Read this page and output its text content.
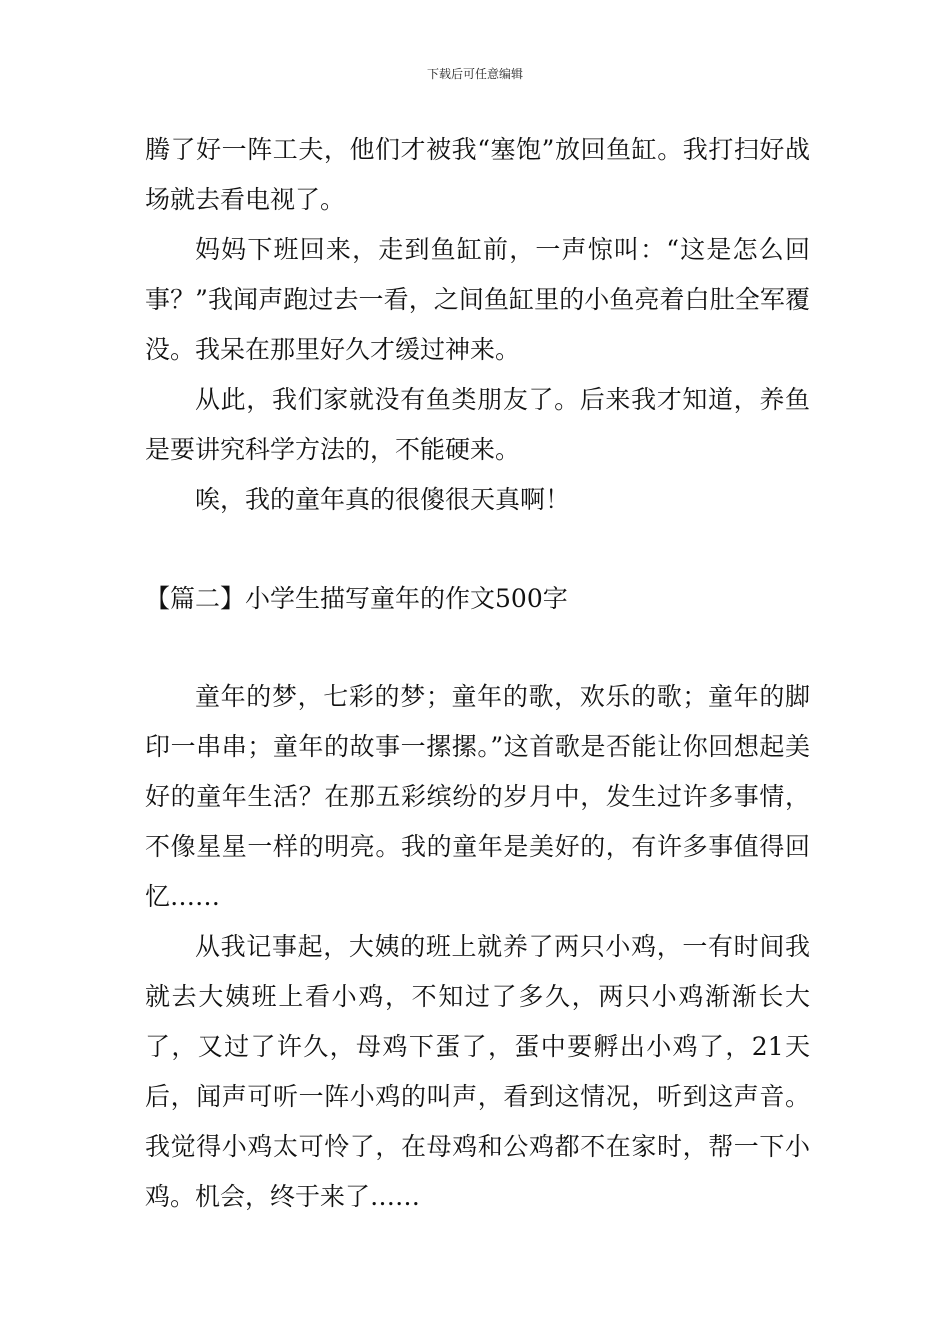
下载后可任意编辑

腾了好一阵工夫，他们才被我“塞饱”放回鱼缸。我打扫好战场就去看电视了。

妈妈下班回来，走到鱼缸前，一声惊叫：“这是怎么回事？”我闻声跑过去一看，之间鱼缸里的小鱼亮着白肚全军覆没。我呆在那里好久才缓过神来。

从此，我们家就没有鱼类朋友了。后来我才知道，养鱼是要讲究科学方法的，不能硬来。

唉，我的童年真的很傻很天真啊！

【篇二】小学生描写童年的作文500字

童年的梦，七彩的梦；童年的歌，欢乐的歌；童年的脚印一串串；童年的故事一摞摞。”这首歌是否能让你回想起美好的童年生活？在那五彩缤纷的岁月中，发生过许多事情，不像星星一样的明亮。我的童年是美好的，有许多事值得回忆……

从我记事起，大姨的班上就养了两只小鸡，一有时间我就去大姨班上看小鸡，不知过了多久，两只小鸡渐渐长大了，又过了许久，母鸡下蛋了，蛋中要孵出小鸡了，21天后，闻声可听一阵小鸡的叫声，看到这情况，听到这声音。我觉得小鸡太可怜了，在母鸡和公鸡都不在家时，帮一下小鸡。机会，终于来了……
